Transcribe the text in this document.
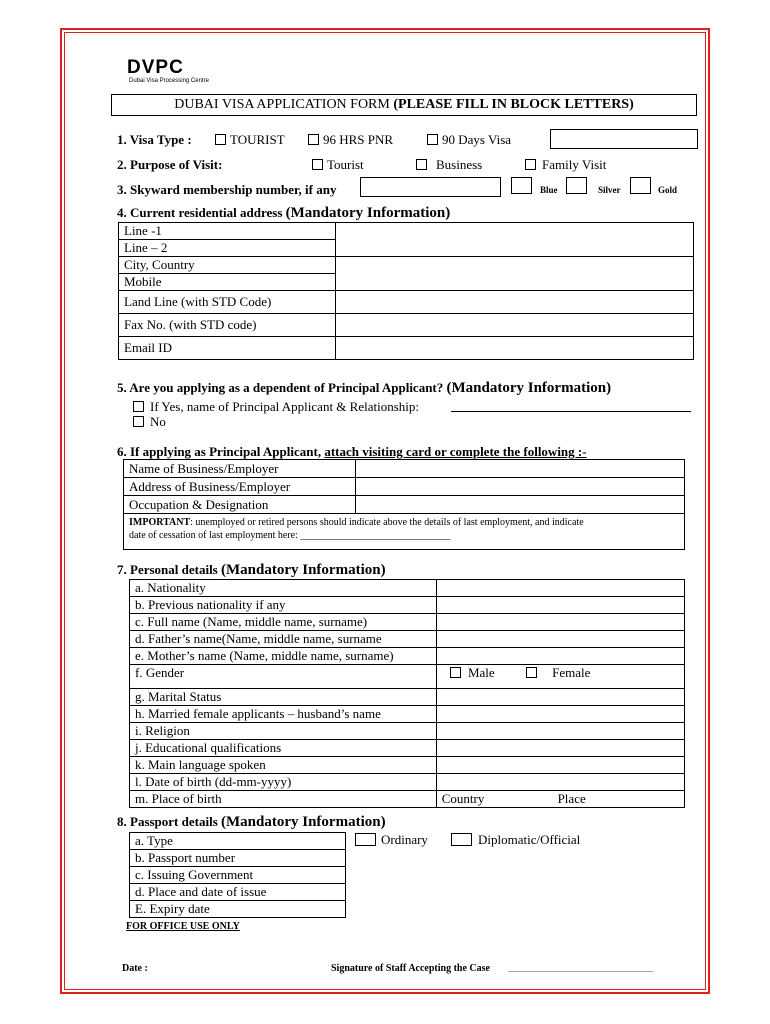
DVPC
Dubai Visa Processing Centre
DUBAI VISA APPLICATION FORM (PLEASE FILL IN BLOCK LETTERS)
1. Visa Type :	TOURIST	96 HRS PNR	90 Days Visa
2. Purpose of Visit:	Tourist	Business	Family Visit
3. Skyward membership number, if any	Blue	Silver	Gold
4. Current residential address (Mandatory Information)
Line -1	
Line – 2	
City, Country	
Mobile	
Land Line (with STD Code)	
Fax No. (with STD code)	
Email ID	
5. Are you applying as a dependent of Principal Applicant? (Mandatory Information)
If Yes, name of Principal Applicant & Relationship:
No
6. If applying as Principal Applicant, attach visiting card or complete the following :-
Name of Business/Employer	
Address of Business/Employer	
Occupation & Designation	

IMPORTANT: unemployed or retired persons should indicate above the details of last employment, and indicate
date of cessation of last employment here: ______________________________	
7. Personal details (Mandatory Information)
a. Nationality	
b. Previous nationality if any	
c. Full name (Name, middle name, surname)	
d. Father’s name(Name, middle name, surname	
e. Mother’s name (Name, middle name, surname)	
f. Gender	Male Female
g. Marital Status	
h. Married female applicants – husband’s name	
i. Religion	
j. Educational qualifications	
k. Main language spoken	
l. Date of birth (dd-mm-yyyy)	
m. Place of birth	Country Place
8. Passport details (Mandatory Information)
a. Type
b. Passport number
c. Issuing Government
d. Place and date of issue
E. Expiry date
Ordinary	Diplomatic/Official
FOR OFFICE USE ONLY
Date :	Signature of Staff Accepting the Case _____________________________
